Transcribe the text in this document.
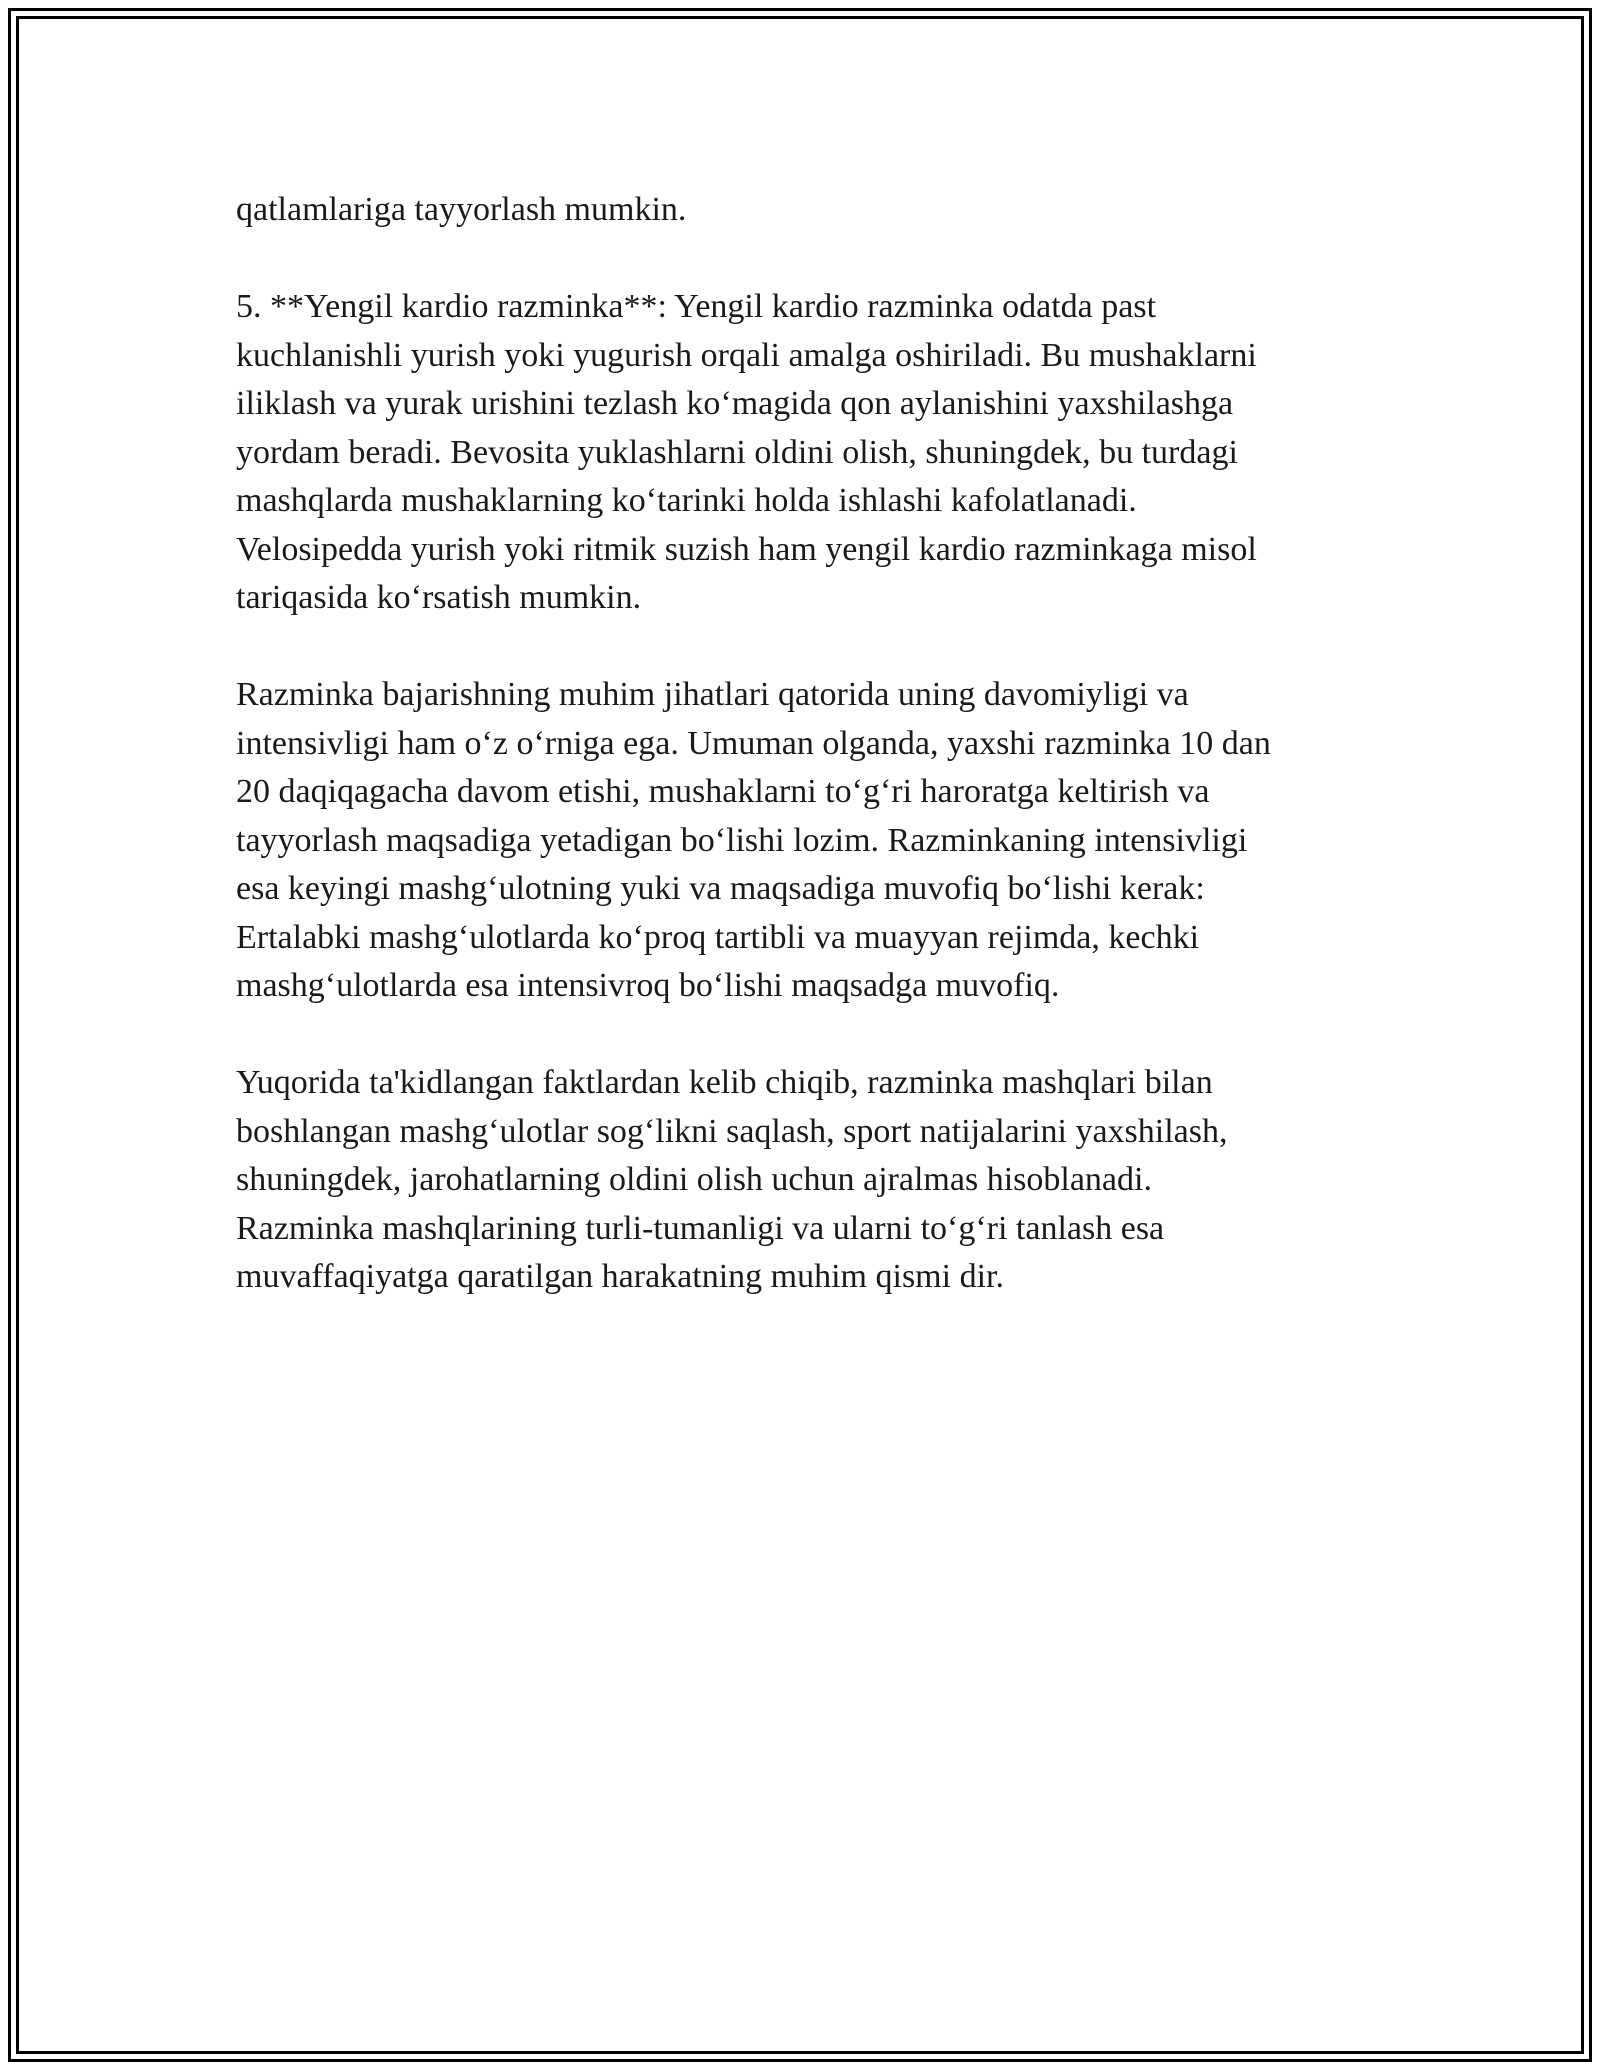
qatlamlariga tayyorlash mumkin.

5. **Yengil kardio razminka**: Yengil kardio razminka odatda past
kuchlanishli yurish yoki yugurish orqali amalga oshiriladi. Bu mushaklarni
iliklash va yurak urishini tezlash koʻmagida qon aylanishini yaxshilashga
yordam beradi. Bevosita yuklashlarni oldini olish, shuningdek, bu turdagi
mashqlarda mushaklarning koʻtarinki holda ishlashi kafolatlanadi.
Velosipedda yurish yoki ritmik suzish ham yengil kardio razminkaga misol
tariqasida koʻrsatish mumkin.

Razminka bajarishning muhim jihatlari qatorida uning davomiyligi va
intensivligi ham oʻz oʻrniga ega. Umuman olganda, yaxshi razminka 10 dan
20 daqiqagacha davom etishi, mushaklarni toʻgʻri haroratga keltirish va
tayyorlash maqsadiga yetadigan boʻlishi lozim. Razminkaning intensivligi
esa keyingi mashgʻulotning yuki va maqsadiga muvofiq boʻlishi kerak:
Ertalabki mashgʻulotlarda koʻproq tartibli va muayyan rejimda, kechki
mashgʻulotlarda esa intensivroq boʻlishi maqsadga muvofiq.

Yuqorida ta'kidlangan faktlardan kelib chiqib, razminka mashqlari bilan
boshlangan mashgʻulotlar sogʻlikni saqlash, sport natijalarini yaxshilash,
shuningdek, jarohatlarning oldini olish uchun ajralmas hisoblanadi.
Razminka mashqlarining turli-tumanligi va ularni toʻgʻri tanlash esa
muvaffaqiyatga qaratilgan harakatning muhim qismi dir.
